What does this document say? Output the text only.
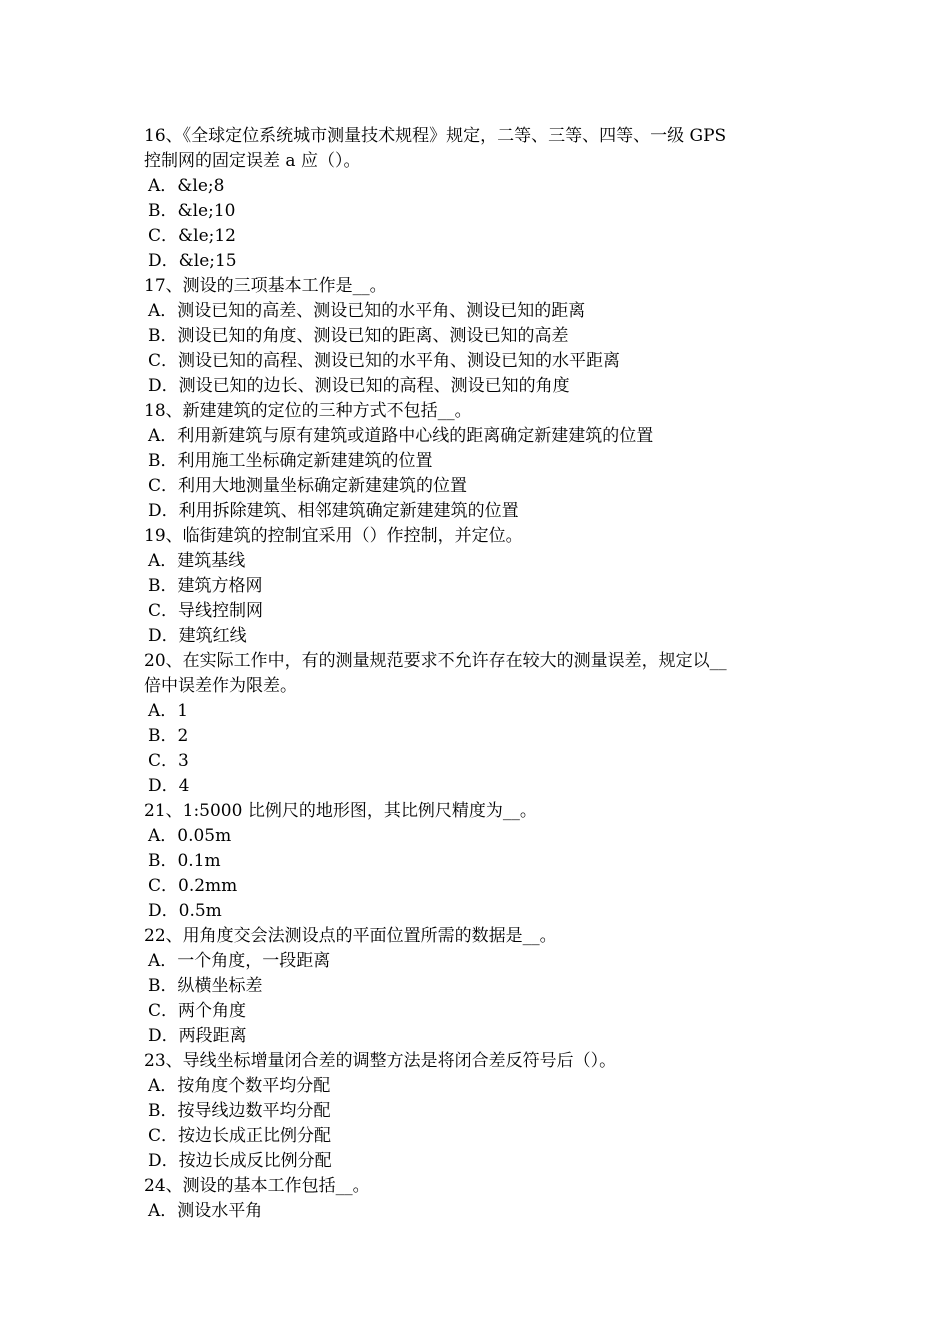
16、《全球定位系统城市测量技术规程》规定，二等、三等、四等、一级 GPS
控制网的固定误差 a 应（）。
A．&le;8
B．&le;10
C．&le;12
D．&le;15
17、测设的三项基本工作是__。
A．测设已知的高差、测设已知的水平角、测设已知的距离
B．测设已知的角度、测设已知的距离、测设已知的高差
C．测设已知的高程、测设已知的水平角、测设已知的水平距离
D．测设已知的边长、测设已知的高程、测设已知的角度
18、新建建筑的定位的三种方式不包括__。
A．利用新建筑与原有建筑或道路中心线的距离确定新建建筑的位置
B．利用施工坐标确定新建建筑的位置
C．利用大地测量坐标确定新建建筑的位置
D．利用拆除建筑、相邻建筑确定新建建筑的位置
19、临街建筑的控制宜采用（）作控制，并定位。
A．建筑基线
B．建筑方格网
C．导线控制网
D．建筑红线
20、在实际工作中，有的测量规范要求不允许存在较大的测量误差，规定以__
倍中误差作为限差。
A．1
B．2
C．3
D．4
21、1:5000 比例尺的地形图，其比例尺精度为__。
A．0.05m
B．0.1m
C．0.2mm
D．0.5m
22、用角度交会法测设点的平面位置所需的数据是__。
A．一个角度，一段距离
B．纵横坐标差
C．两个角度
D．两段距离
23、导线坐标增量闭合差的调整方法是将闭合差反符号后（）。
A．按角度个数平均分配
B．按导线边数平均分配
C．按边长成正比例分配
D．按边长成反比例分配
24、测设的基本工作包括__。
A．测设水平角
